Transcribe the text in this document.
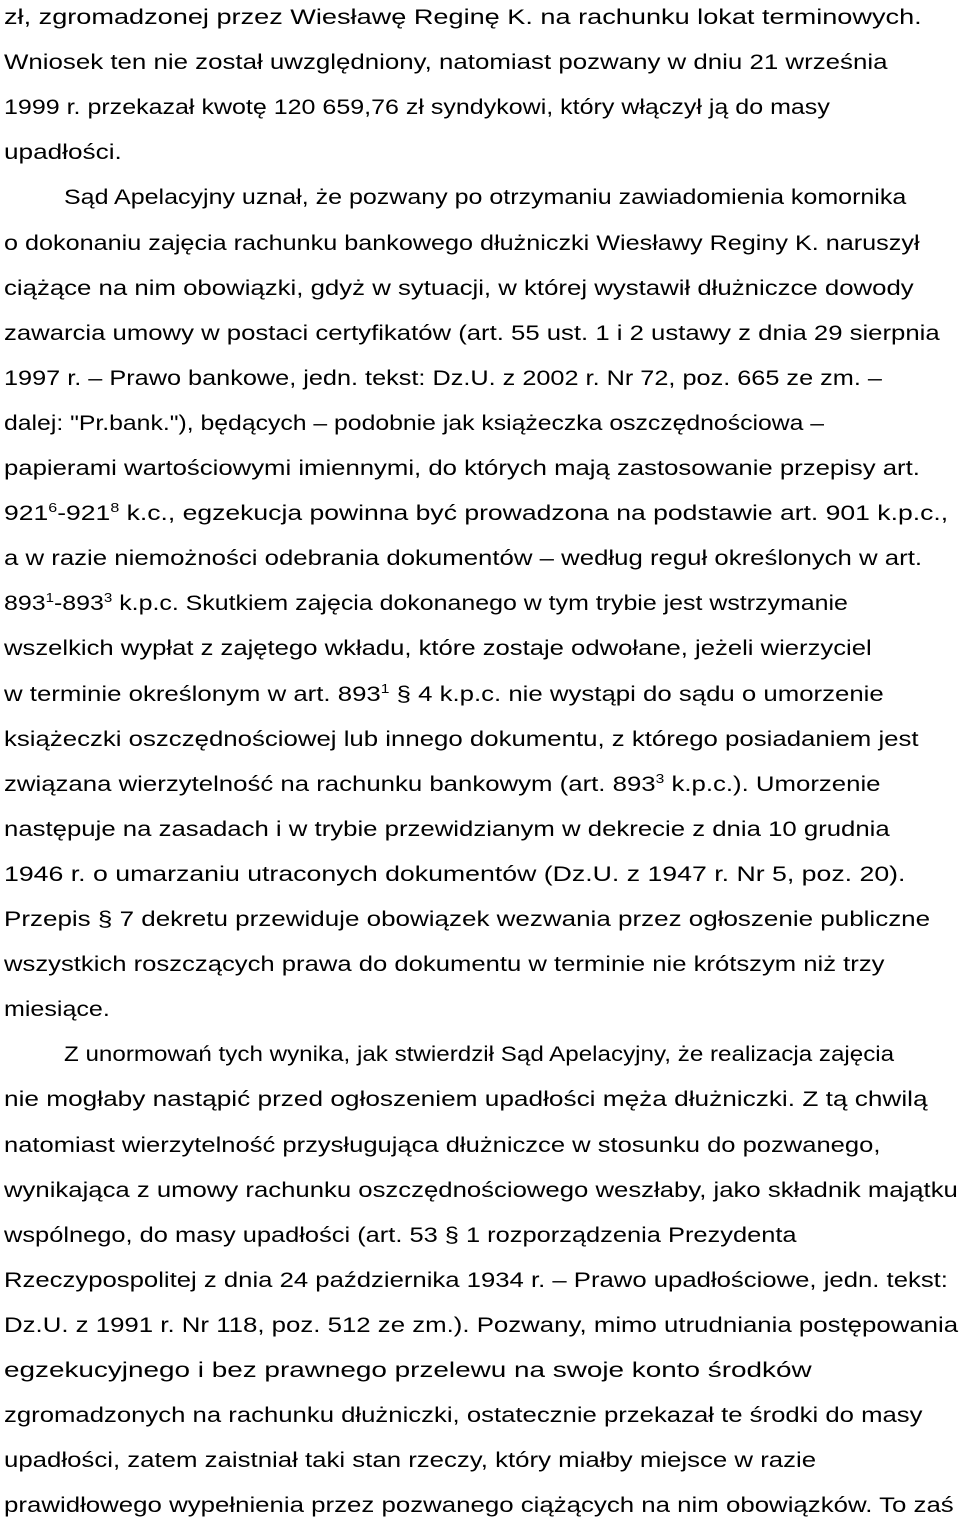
zł, zgromadzonej przez Wiesławę Reginę K. na rachunku lokat terminowych.
Wniosek ten nie został uwzględniony, natomiast pozwany w dniu 21 września
1999 r. przekazał kwotę 120 659,76 zł syndykowi, który włączył ją do masy
upadłości.
Sąd Apelacyjny uznał, że pozwany po otrzymaniu zawiadomienia komornika
o dokonaniu zajęcia rachunku bankowego dłużniczki Wiesławy Reginy K. naruszył
ciążące na nim obowiązki, gdyż w sytuacji, w której wystawił dłużniczce dowody
zawarcia umowy w postaci certyfikatów (art. 55 ust. 1 i 2 ustawy z dnia 29 sierpnia
1997 r. – Prawo bankowe, jedn. tekst: Dz.U. z 2002 r. Nr 72, poz. 665 ze zm. –
dalej: "Pr.bank."), będących – podobnie jak książeczka oszczędnościowa –
papierami wartościowymi imiennymi, do których mają zastosowanie przepisy art.
$921^6-921^8$ k.c., egzekucja powinna być prowadzona na podstawie art. 901 k.p.c.,
a w razie niemożności odebrania dokumentów – według reguł określonych w art.
$893^1-893^3$ k.p.c. Skutkiem zajęcia dokonanego w tym trybie jest wstrzymanie
wszelkich wypłat z zajętego wkładu, które zostaje odwołane, jeżeli wierzyciel
w terminie określonym w art. $893^1$ § 4 k.p.c. nie wystąpi do sądu o umorzenie
książeczki oszczędnościowej lub innego dokumentu, z którego posiadaniem jest
związana wierzytelność na rachunku bankowym (art. $893^3$ k.p.c.). Umorzenie
następuje na zasadach i w trybie przewidzianym w dekrecie z dnia 10 grudnia
1946 r. o umarzaniu utraconych dokumentów (Dz.U. z 1947 r. Nr 5, poz. 20).
Przepis § 7 dekretu przewiduje obowiązek wezwania przez ogłoszenie publiczne
wszystkich roszczących prawa do dokumentu w terminie nie krótszym niż trzy
miesiące.
Z unormowań tych wynika, jak stwierdził Sąd Apelacyjny, że realizacja zajęcia
nie mogłaby nastąpić przed ogłoszeniem upadłości męża dłużniczki. Z tą chwilą
natomiast wierzytelność przysługująca dłużniczce w stosunku do pozwanego,
wynikająca z umowy rachunku oszczędnościowego weszłaby, jako składnik majątku
wspólnego, do masy upadłości (art. 53 § 1 rozporządzenia Prezydenta
Rzeczypospolitej z dnia 24 października 1934 r. – Prawo upadłościowe, jedn. tekst:
Dz.U. z 1991 r. Nr 118, poz. 512 ze zm.). Pozwany, mimo utrudniania postępowania
egzekucyjnego i bez prawnego przelewu na swoje konto środków
zgromadzonych na rachunku dłużniczki, ostatecznie przekazał te środki do masy
upadłości, zatem zaistniał taki stan rzeczy, który miałby miejsce w razie
prawidłowego wypełnienia przez pozwanego ciążących na nim obowiązków. To zaś
